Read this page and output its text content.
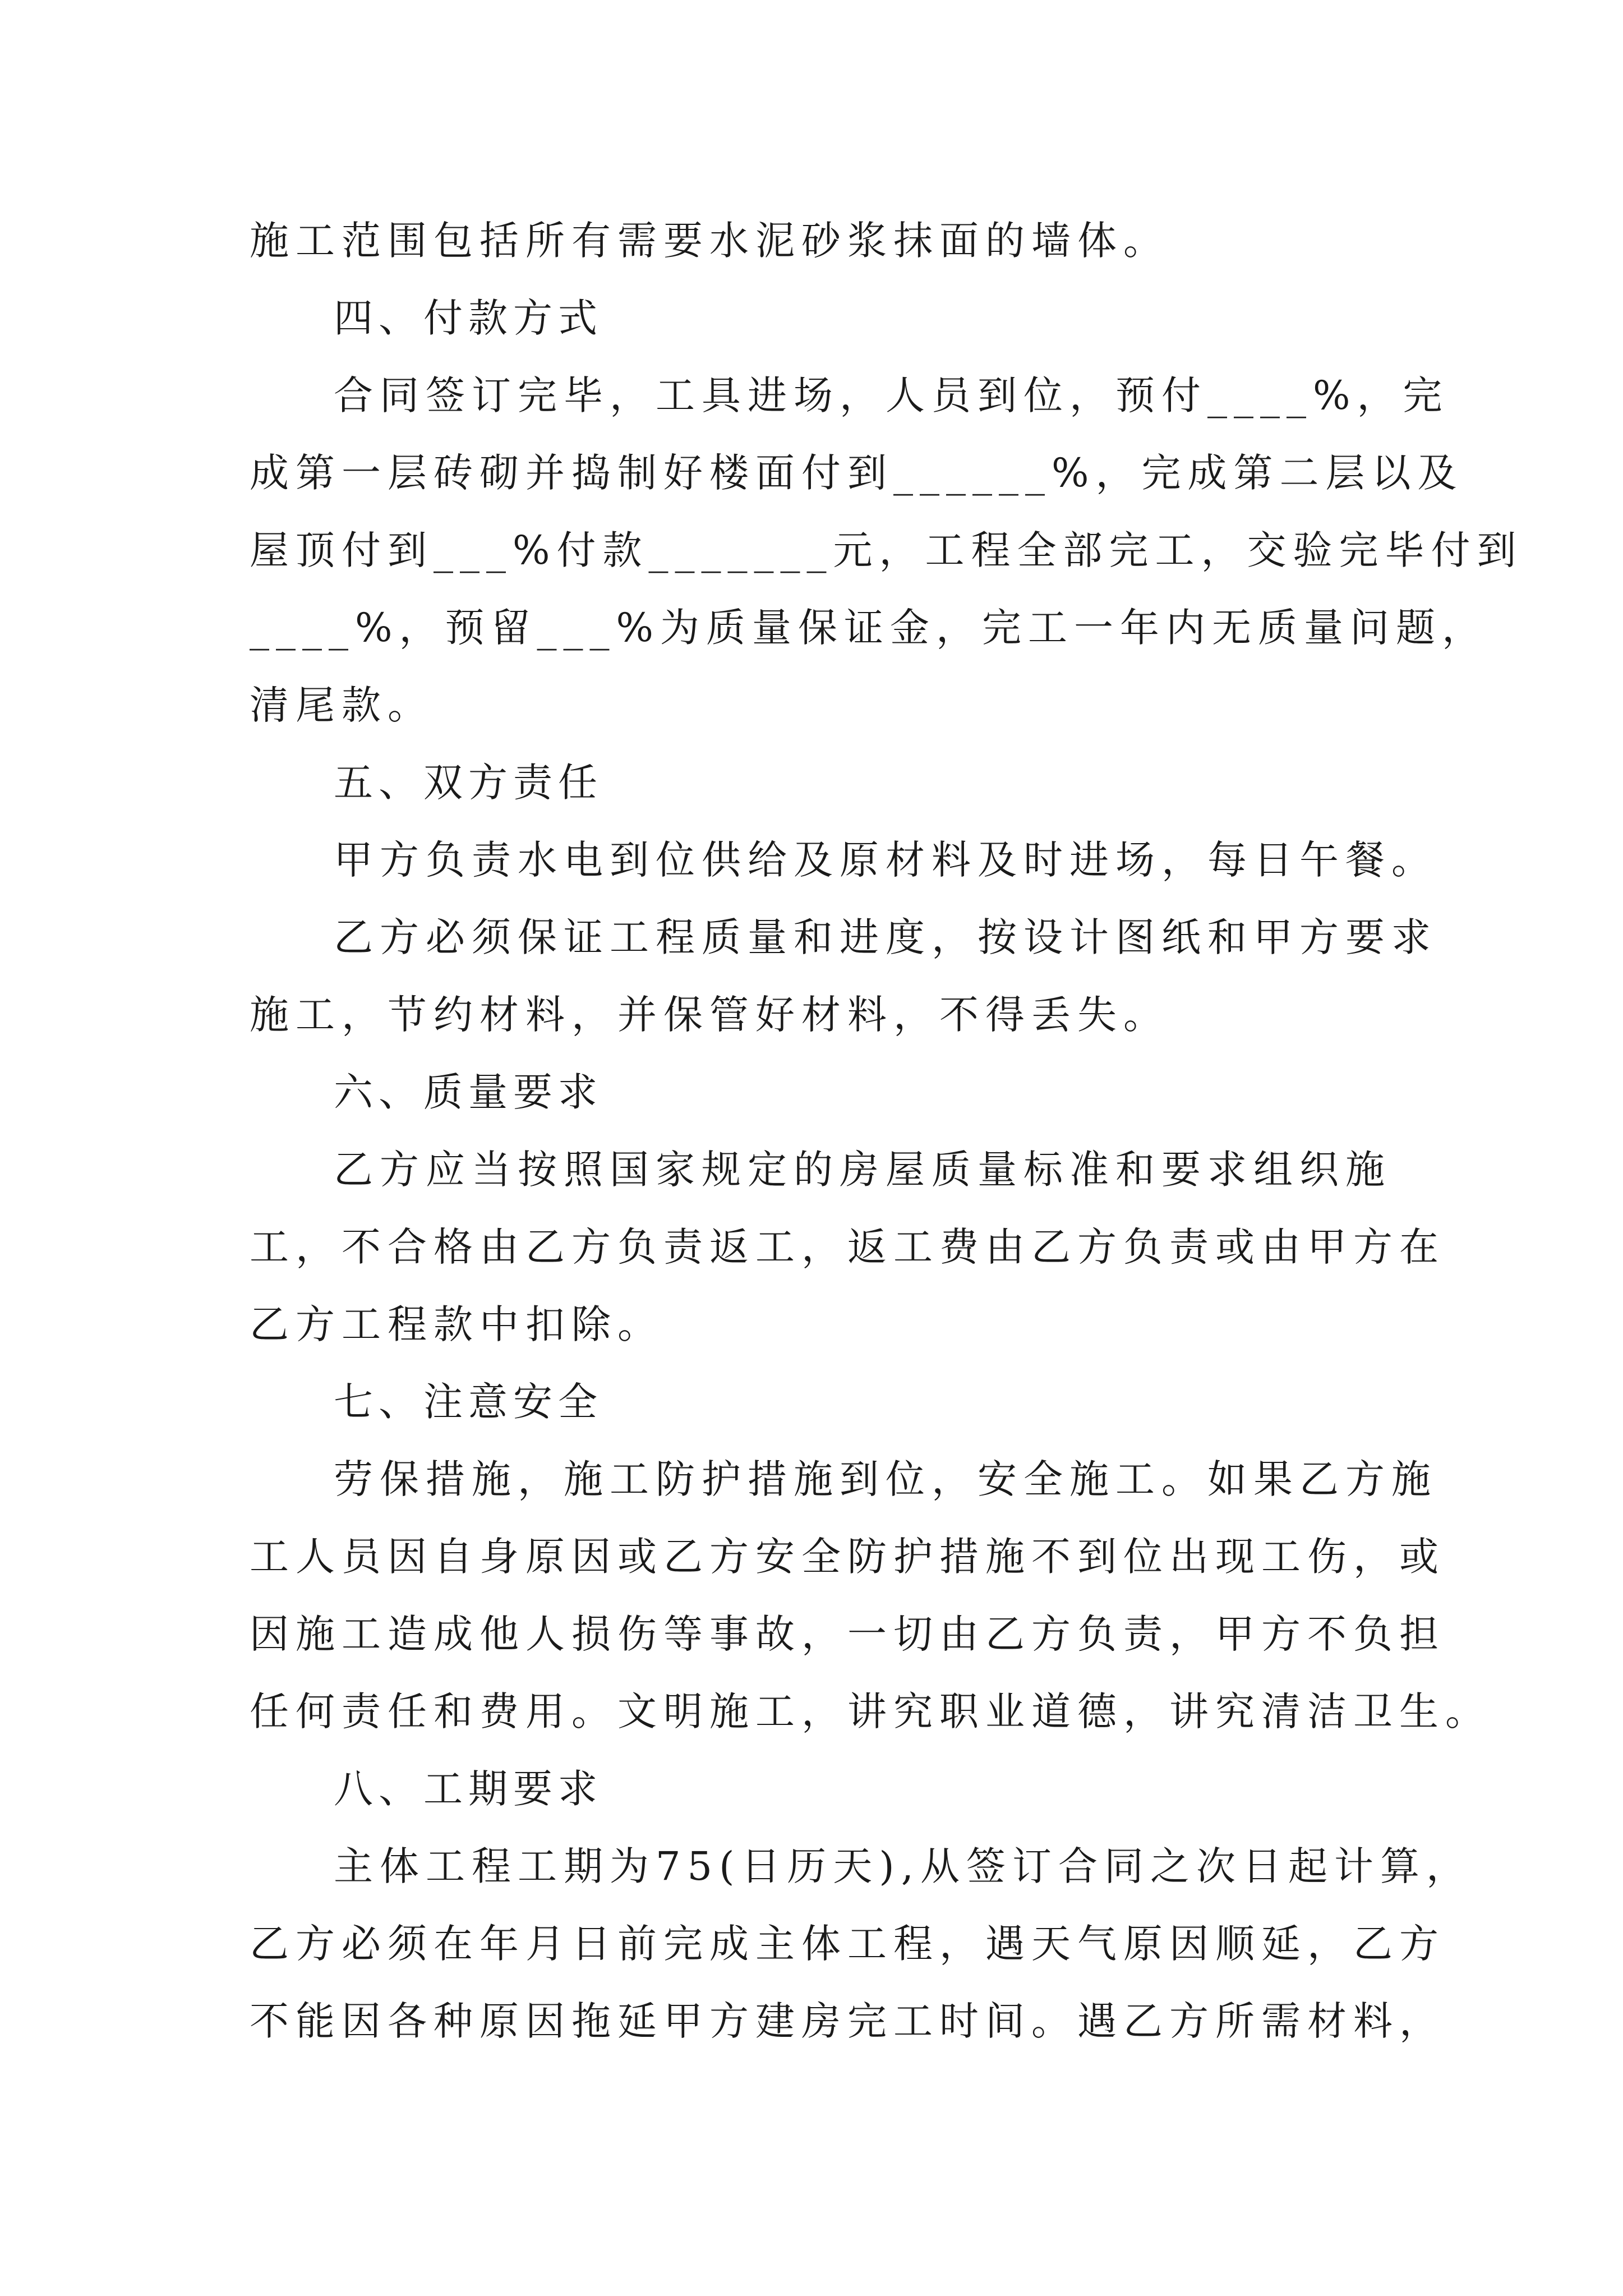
施工范围包括所有需要水泥砂浆抹面的墙体。
四、付款方式
合同签订完毕，工具进场，人员到位，预付____%，完
成第一层砖砌并捣制好楼面付到______%，完成第二层以及
屋顶付到___%付款_______元，工程全部完工，交验完毕付到
____%，预留___%为质量保证金，完工一年内无质量问题，
清尾款。
五、双方责任
甲方负责水电到位供给及原材料及时进场，每日午餐。
乙方必须保证工程质量和进度，按设计图纸和甲方要求
施工，节约材料，并保管好材料，不得丢失。
六、质量要求
乙方应当按照国家规定的房屋质量标准和要求组织施
工，不合格由乙方负责返工，返工费由乙方负责或由甲方在
乙方工程款中扣除。
七、注意安全
劳保措施，施工防护措施到位，安全施工。如果乙方施
工人员因自身原因或乙方安全防护措施不到位出现工伤，或
因施工造成他人损伤等事故，一切由乙方负责，甲方不负担
任何责任和费用。文明施工，讲究职业道德，讲究清洁卫生。
八、工期要求
主体工程工期为75(日历天),从签订合同之次日起计算，
乙方必须在年月日前完成主体工程，遇天气原因顺延，乙方
不能因各种原因拖延甲方建房完工时间。遇乙方所需材料，
